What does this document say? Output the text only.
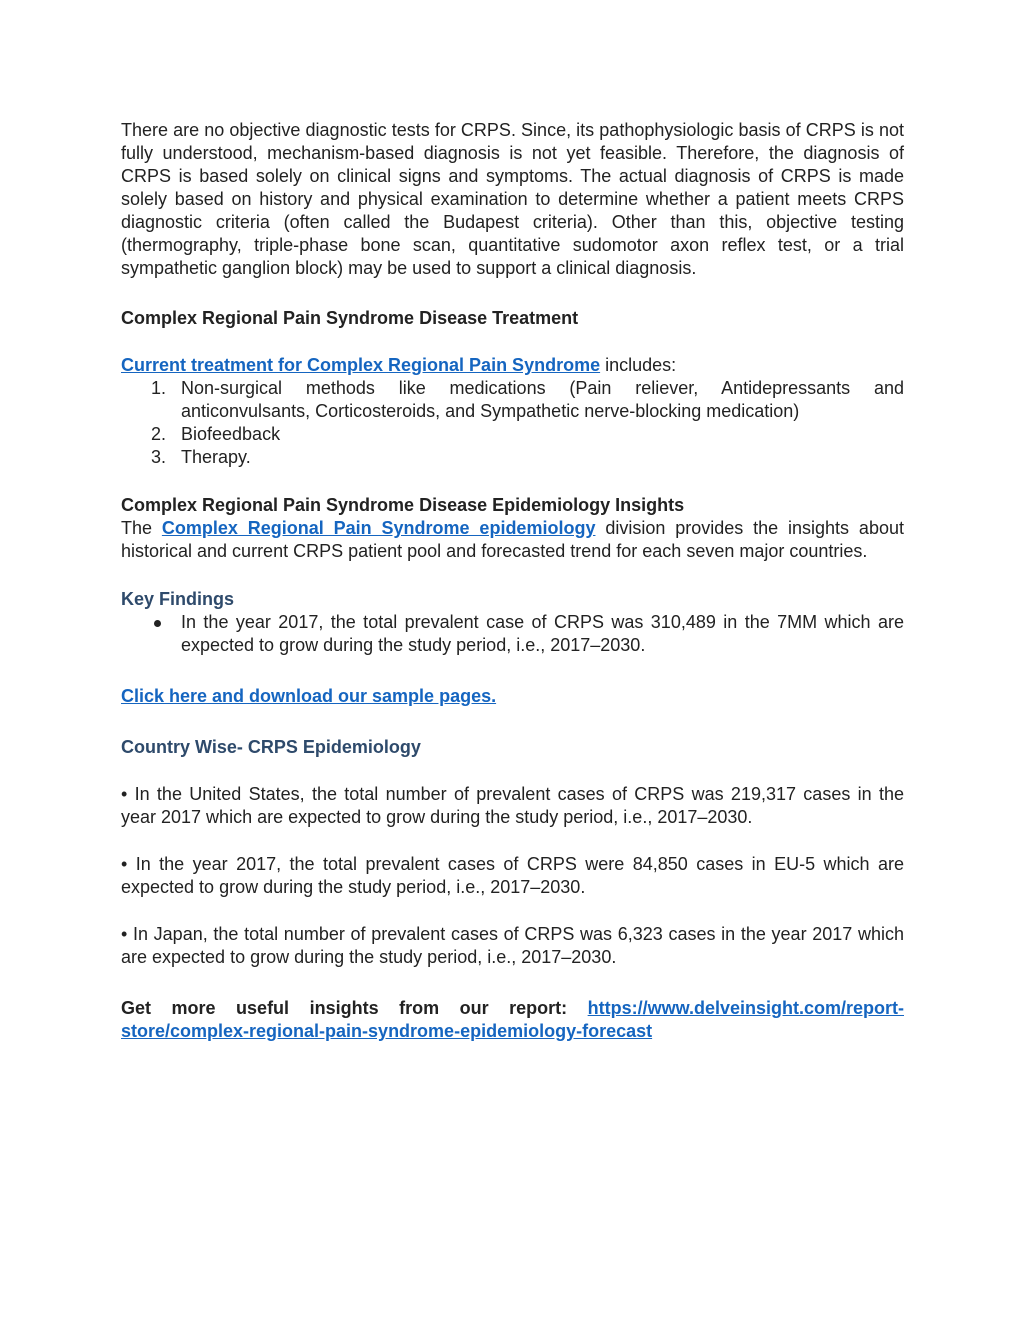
There are no objective diagnostic tests for CRPS. Since, its pathophysiologic basis of CRPS is not fully understood, mechanism-based diagnosis is not yet feasible. Therefore, the diagnosis of CRPS is based solely on clinical signs and symptoms. The actual diagnosis of CRPS is made solely based on history and physical examination to determine whether a patient meets CRPS diagnostic criteria (often called the Budapest criteria). Other than this, objective testing (thermography, triple-phase bone scan, quantitative sudomotor axon reflex test, or a trial sympathetic ganglion block) may be used to support a clinical diagnosis.

Complex Regional Pain Syndrome Disease Treatment

Current treatment for Complex Regional Pain Syndrome includes:

1. Non-surgical methods like medications (Pain reliever, Antidepressants and anticonvulsants, Corticosteroids, and Sympathetic nerve-blocking medication)
2. Biofeedback
3. Therapy.

Complex Regional Pain Syndrome Disease Epidemiology Insights

The Complex Regional Pain Syndrome epidemiology division provides the insights about historical and current CRPS patient pool and forecasted trend for each seven major countries.

Key Findings

In the year 2017, the total prevalent case of CRPS was 310,489 in the 7MM which are expected to grow during the study period, i.e., 2017–2030.

Click here and download our sample pages.

Country Wise- CRPS Epidemiology

• In the United States, the total number of prevalent cases of CRPS was 219,317 cases in the year 2017 which are expected to grow during the study period, i.e., 2017–2030.

• In the year 2017, the total prevalent cases of CRPS were 84,850 cases in EU-5 which are expected to grow during the study period, i.e., 2017–2030.

• In Japan, the total number of prevalent cases of CRPS was 6,323 cases in the year 2017 which are expected to grow during the study period, i.e., 2017–2030.

Get more useful insights from our report: https://www.delveinsight.com/report-store/complex-regional-pain-syndrome-epidemiology-forecast
